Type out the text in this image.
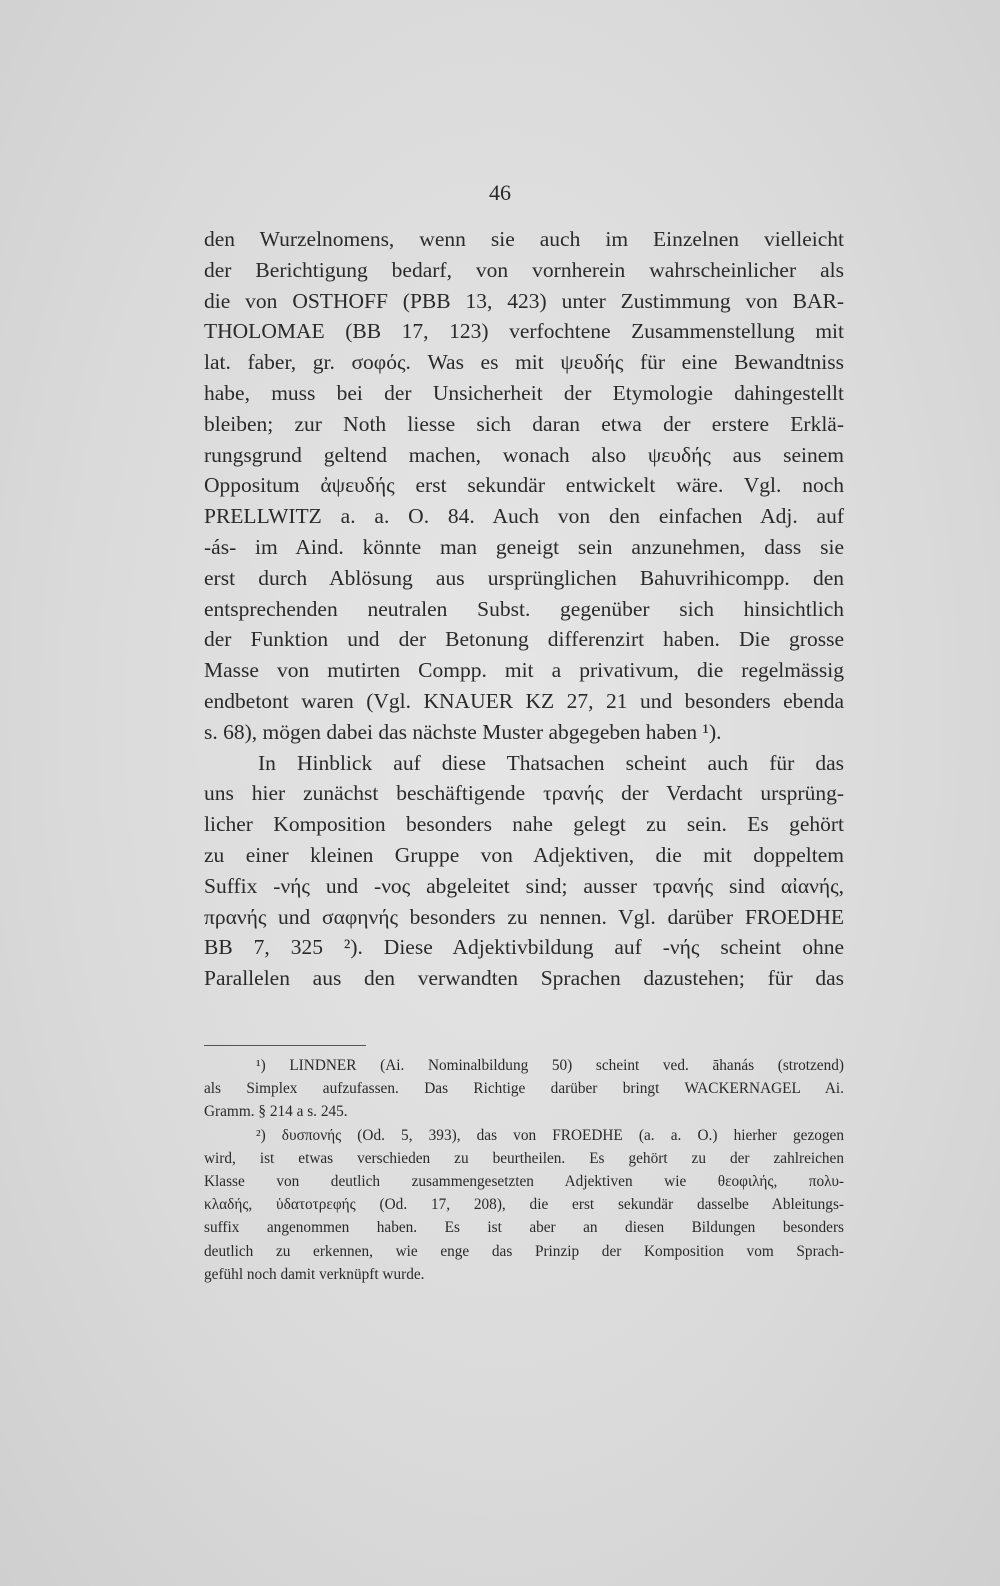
46
den Wurzelnomens, wenn sie auch im Einzelnen vielleicht
der Berichtigung bedarf, von vornherein wahrscheinlicher als
die von OSTHOFF (PBB 13, 423) unter Zustimmung von BAR-
THOLOMAE (BB 17, 123) verfochtene Zusammenstellung mit
lat. faber, gr. σοφός. Was es mit ψευδής für eine Bewandtniss
habe, muss bei der Unsicherheit der Etymologie dahingestellt
bleiben; zur Noth liesse sich daran etwa der erstere Erklä-
rungsgrund geltend machen, wonach also ψευδής aus seinem
Oppositum ἀψευδής erst sekundär entwickelt wäre. Vgl. noch
PRELLWITZ a. a. O. 84. Auch von den einfachen Adj. auf
-ás- im Aind. könnte man geneigt sein anzunehmen, dass sie
erst durch Ablösung aus ursprünglichen Bahuvrihicompp. den
entsprechenden neutralen Subst. gegenüber sich hinsichtlich
der Funktion und der Betonung differenzirt haben. Die grosse
Masse von mutirten Compp. mit a privativum, die regelmässig
endbetont waren (Vgl. KNAUER KZ 27, 21 und besonders ebenda
s. 68), mögen dabei das nächste Muster abgegeben haben ¹).
In Hinblick auf diese Thatsachen scheint auch für das
uns hier zunächst beschäftigende τρανής der Verdacht ursprüng-
licher Komposition besonders nahe gelegt zu sein. Es gehört
zu einer kleinen Gruppe von Adjektiven, die mit doppeltem
Suffix -νής und -νος abgeleitet sind; ausser τρανής sind αἰανής,
πρανής und σαφηνής besonders zu nennen. Vgl. darüber FROEDHE
BB 7, 325 ²). Diese Adjektivbildung auf -νής scheint ohne
Parallelen aus den verwandten Sprachen dazustehen; für das
¹) LINDNER (Ai. Nominalbildung 50) scheint ved. āhanás (strotzend)
als Simplex aufzufassen. Das Richtige darüber bringt WACKERNAGEL Ai.
Gramm. § 214 a s. 245.
²) δυσπονής (Od. 5, 393), das von FROEDHE (a. a. O.) hierher gezogen
wird, ist etwas verschieden zu beurtheilen. Es gehört zu der zahlreichen
Klasse von deutlich zusammengesetzten Adjektiven wie θεοφιλής, πολυ-
κλαδής, ὑδατοτρεφής (Od. 17, 208), die erst sekundär dasselbe Ableitungs-
suffix angenommen haben. Es ist aber an diesen Bildungen besonders
deutlich zu erkennen, wie enge das Prinzip der Komposition vom Sprach-
gefühl noch damit verknüpft wurde.
